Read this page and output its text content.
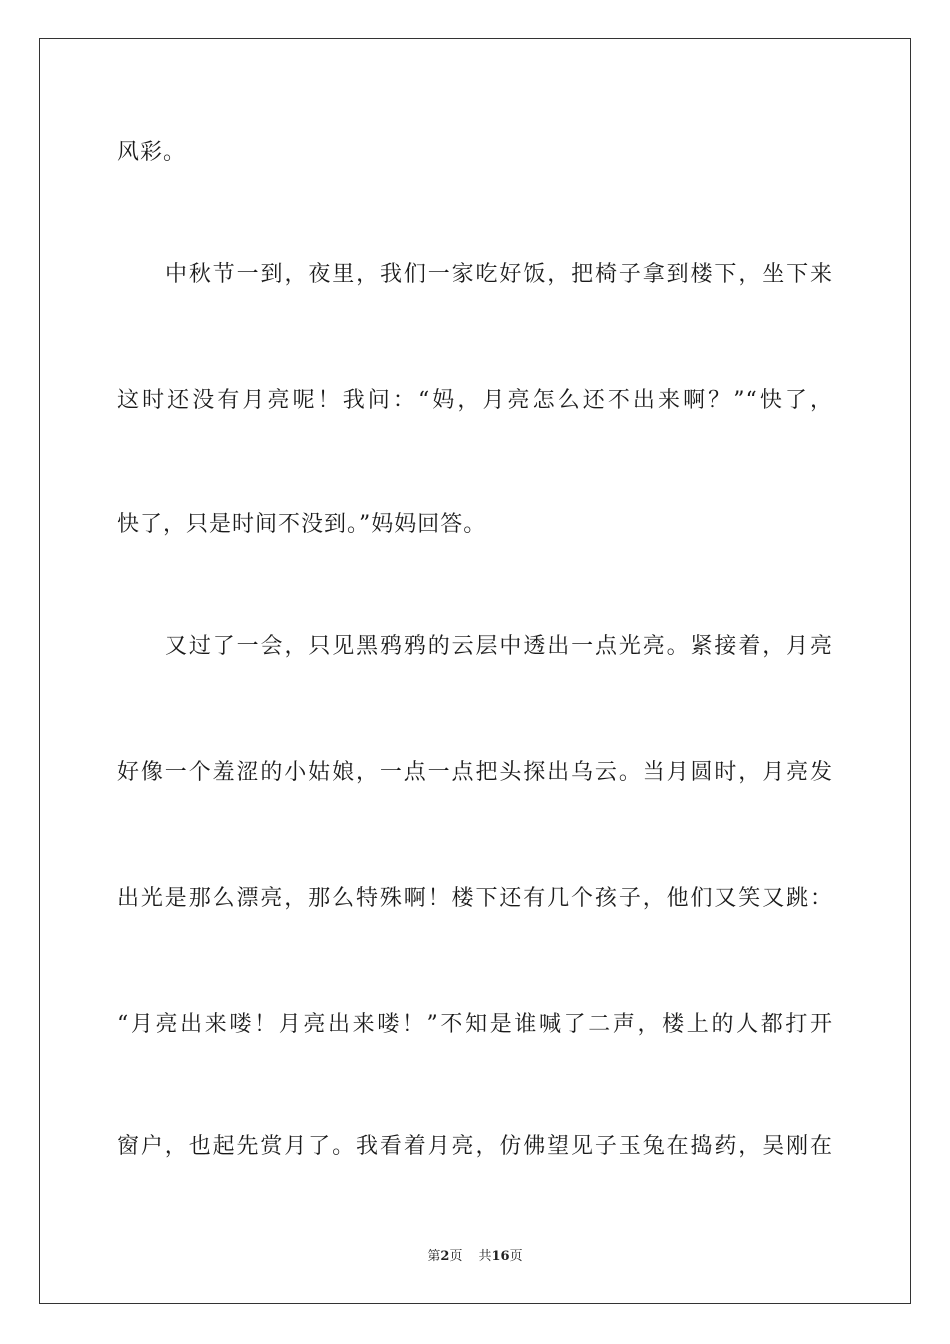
风彩。
中秋节一到，夜里，我们一家吃好饭，把椅子拿到楼下，坐下来
这时还没有月亮呢！我问：“妈，月亮怎么还不出来啊？”“快了，
快了，只是时间不没到。”妈妈回答。
又过了一会，只见黑鸦鸦的云层中透出一点光亮。紧接着，月亮
好像一个羞涩的小姑娘，一点一点把头探出乌云。当月圆时，月亮发
出光是那么漂亮，那么特殊啊！楼下还有几个孩子，他们又笑又跳：
“月亮出来喽！月亮出来喽！”不知是谁喊了二声，楼上的人都打开
窗户，也起先赏月了。我看着月亮，仿佛望见子玉兔在捣药，吴刚在
第2页 共16页
